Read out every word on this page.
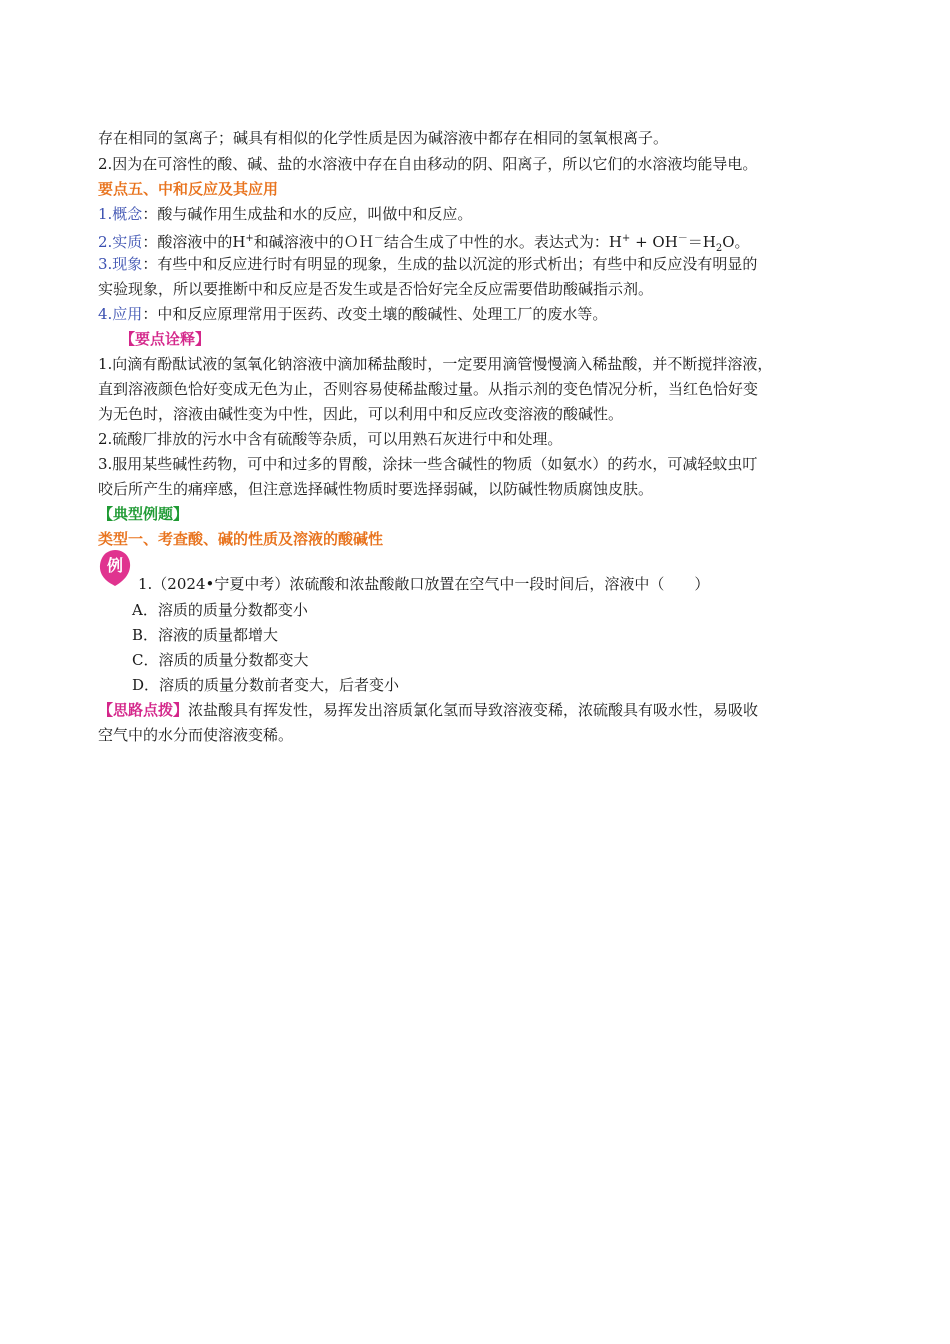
存在相同的氢离子；碱具有相似的化学性质是因为碱溶液中都存在相同的氢氧根离子。
2.因为在可溶性的酸、碱、盐的水溶液中存在自由移动的阴、阳离子，所以它们的水溶液均能导电。
要点五、中和反应及其应用
1.概念：酸与碱作用生成盐和水的反应，叫做中和反应。
2.实质：酸溶液中的H+和碱溶液中的ＯＨ－结合生成了中性的水。表达式为：$H^+ + OH^-=H_2O$。
3.现象：有些中和反应进行时有明显的现象，生成的盐以沉淀的形式析出；有些中和反应没有明显的
实验现象，所以要推断中和反应是否发生或是否恰好完全反应需要借助酸碱指示剂。
4.应用：中和反应原理常用于医药、改变土壤的酸碱性、处理工厂的废水等。
【要点诠释】
1.向滴有酚酞试液的氢氧化钠溶液中滴加稀盐酸时，一定要用滴管慢慢滴入稀盐酸，并不断搅拌溶液，
直到溶液颜色恰好变成无色为止，否则容易使稀盐酸过量。从指示剂的变色情况分析，当红色恰好变
为无色时，溶液由碱性变为中性，因此，可以利用中和反应改变溶液的酸碱性。
2.硫酸厂排放的污水中含有硫酸等杂质，可以用熟石灰进行中和处理。
3.服用某些碱性药物，可中和过多的胃酸，涂抹一些含碱性的物质（如氨水）的药水，可减轻蚊虫叮
咬后所产生的痛痒感，但注意选择碱性物质时要选择弱碱，以防碱性物质腐蚀皮肤。
【典型例题】
类型一、考查酸、碱的性质及溶液的酸碱性
例
1.（2024•宁夏中考）浓硫酸和浓盐酸敞口放置在空气中一段时间后，溶液中（　　）
A．溶质的质量分数都变小
B．溶液的质量都增大
C．溶质的质量分数都变大
D．溶质的质量分数前者变大，后者变小
【思路点拨】浓盐酸具有挥发性，易挥发出溶质氯化氢而导致溶液变稀，浓硫酸具有吸水性，易吸收
空气中的水分而使溶液变稀。
